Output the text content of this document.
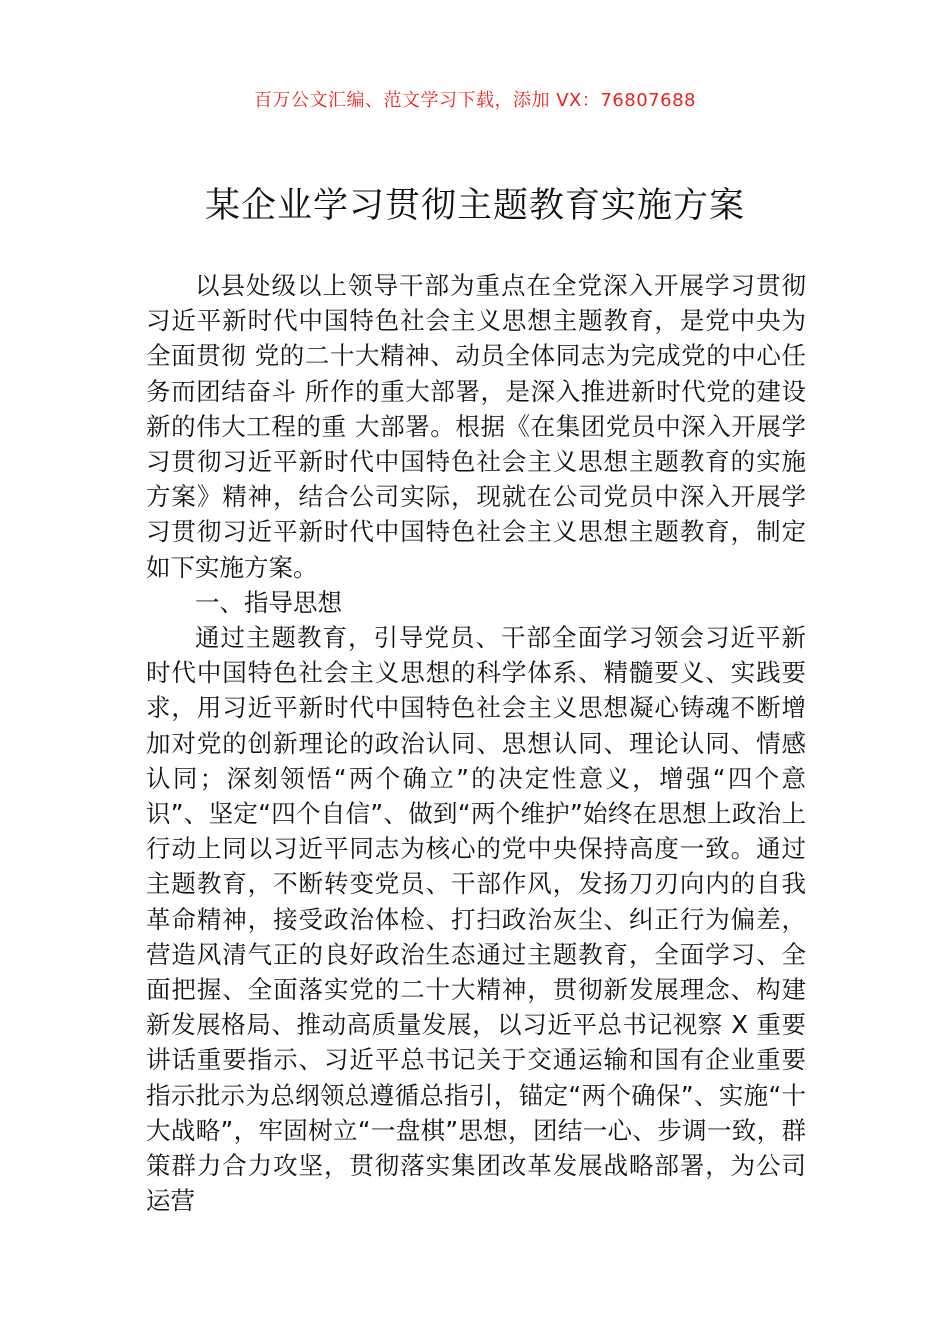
百万公文汇编、范文学习下载，添加 VX：76807688
某企业学习贯彻主题教育实施方案

以县处级以上领导干部为重点在全党深入开展学习贯彻习近平新时代中国特色社会主义思想主题教育，是党中央为全面贯彻 党的二十大精神、动员全体同志为完成党的中心任务而团结奋斗 所作的重大部署，是深入推进新时代党的建设新的伟大工程的重 大部署。根据《在集团党员中深入开展学习贯彻习近平新时代中国特色社会主义思想主题教育的实施方案》精神，结合公司实际，现就在公司党员中深入开展学习贯彻习近平新时代中国特色社会主义思想主题教育，制定如下实施方案。

一、指导思想

通过主题教育，引导党员、干部全面学习领会习近平新时代中国特色社会主义思想的科学体系、精髓要义、实践要求，用习近平新时代中国特色社会主义思想凝心铸魂不断增加对党的创新理论的政治认同、思想认同、理论认同、情感认同；深刻领悟“两个确立”的决定性意义，增强“四个意识”、坚定“四个自信”、做到“两个维护”始终在思想上政治上行动上同以习近平同志为核心的党中央保持高度一致。通过主题教育，不断转变党员、干部作风，发扬刀刃向内的自我革命精神，接受政治体检、打扫政治灰尘、纠正行为偏差，营造风清气正的良好政治生态通过主题教育，全面学习、全面把握、全面落实党的二十大精神，贯彻新发展理念、构建新发展格局、推动高质量发展，以习近平总书记视察 X 重要讲话重要指示、习近平总书记关于交通运输和国有企业重要指示批示为总纲领总遵循总指引，锚定“两个确保”、实施“十大战略”，牢固树立“一盘棋”思想，团结一心、步调一致，群策群力合力攻坚，贯彻落实集团改革发展战略部署，为公司运营
